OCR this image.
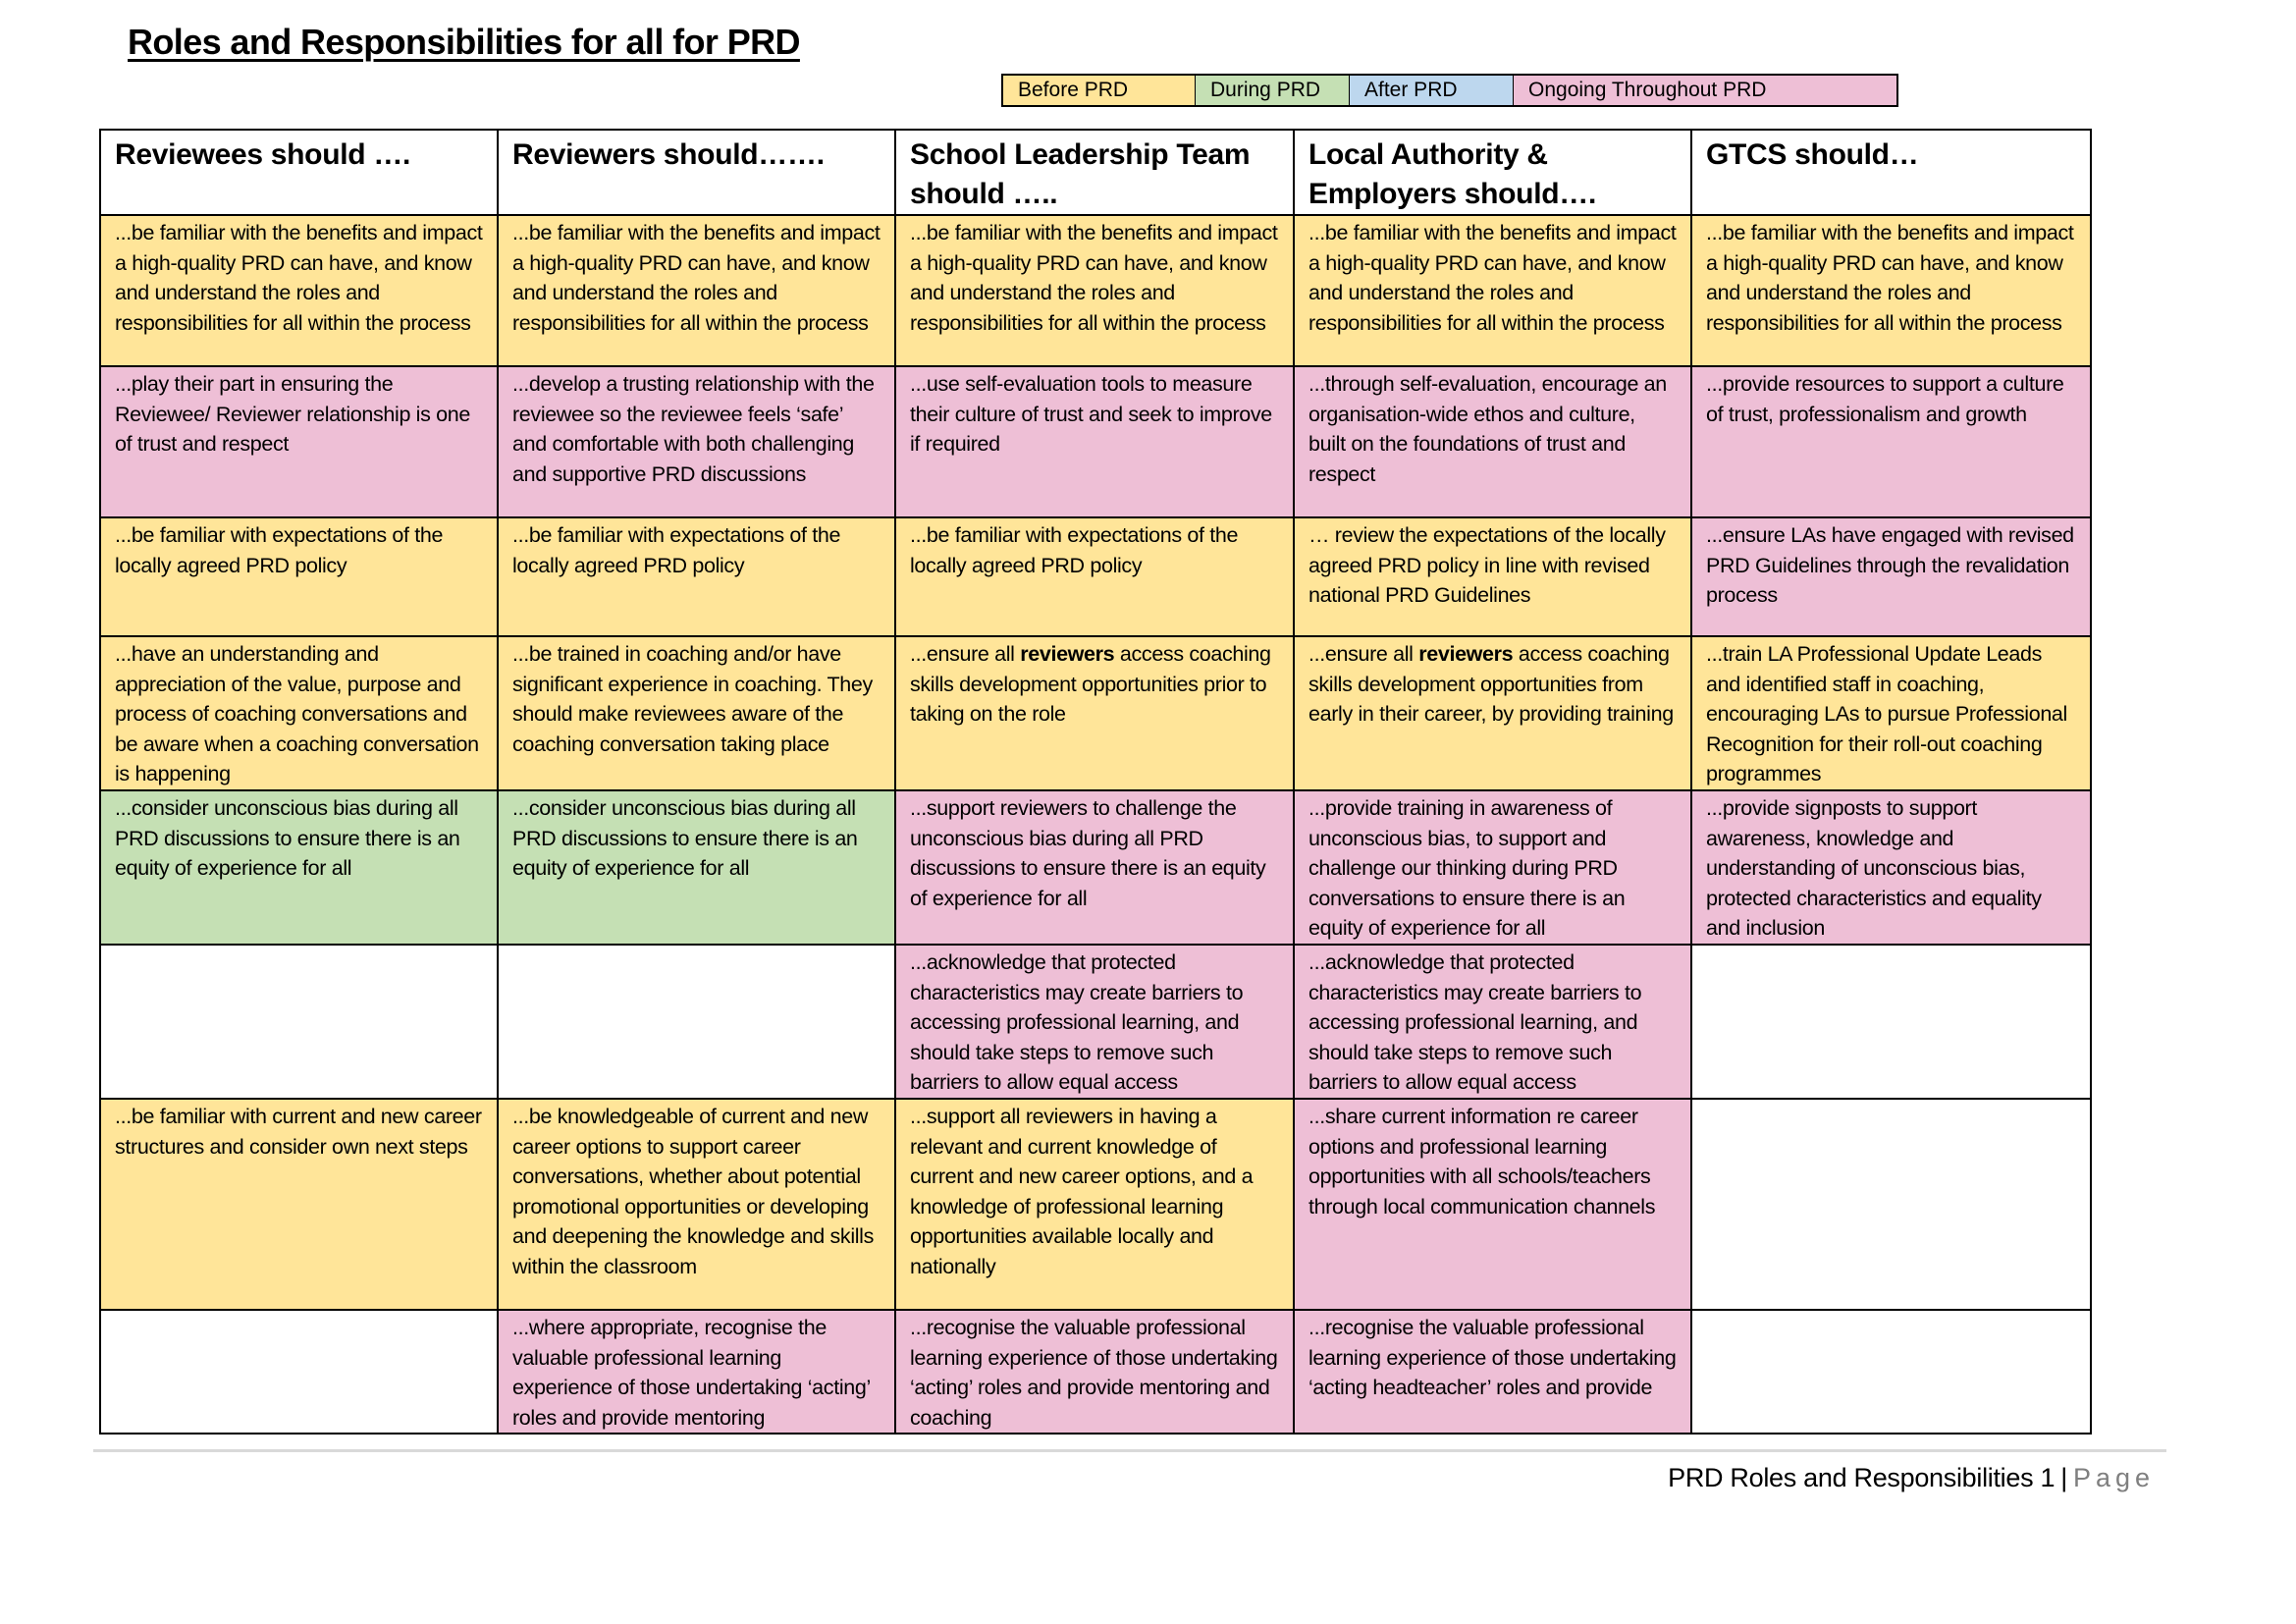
Roles and Responsibilities for all for PRD
Before PRD	During PRD	After PRD	Ongoing Throughout PRD
Reviewees should ….	Reviewers should…….	School Leadership Team should …..	Local Authority & Employers should….	GTCS should…
...be familiar with the benefits and impact a high-quality PRD can have, and know and understand the roles and responsibilities for all within the process	...be familiar with the benefits and impact a high-quality PRD can have, and know and understand the roles and responsibilities for all within the process	...be familiar with the benefits and impact a high-quality PRD can have, and know and understand the roles and responsibilities for all within the process	...be familiar with the benefits and impact a high-quality PRD can have, and know and understand the roles and responsibilities for all within the process	...be familiar with the benefits and impact a high-quality PRD can have, and know and understand the roles and responsibilities for all within the process
...play their part in ensuring the Reviewee/ Reviewer relationship is one of trust and respect	...develop a trusting relationship with the reviewee so the reviewee feels ‘safe’ and comfortable with both challenging and supportive PRD discussions	...use self-evaluation tools to measure their culture of trust and seek to improve if required	...through self-evaluation, encourage an organisation-wide ethos and culture, built on the foundations of trust and respect	...provide resources to support a culture of trust, professionalism and growth
...be familiar with expectations of the locally agreed PRD policy	...be familiar with expectations of the locally agreed PRD policy	...be familiar with expectations of the locally agreed PRD policy	… review the expectations of the locally agreed PRD policy in line with revised national PRD Guidelines	...ensure LAs have engaged with revised PRD Guidelines through the revalidation process
...have an understanding and appreciation of the value, purpose and process of coaching conversations and be aware when a coaching conversation is happening	...be trained in coaching and/or have significant experience in coaching. They should make reviewees aware of the coaching conversation taking place	...ensure all reviewers access coaching skills development opportunities prior to taking on the role	...ensure all reviewers access coaching skills development opportunities from early in their career, by providing training	...train LA Professional Update Leads and identified staff in coaching, encouraging LAs to pursue Professional Recognition for their roll-out coaching programmes
...consider unconscious bias during all PRD discussions to ensure there is an equity of experience for all	...consider unconscious bias during all PRD discussions to ensure there is an equity of experience for all	...support reviewers to challenge the unconscious bias during all PRD discussions to ensure there is an equity of experience for all	...provide training in awareness of unconscious bias, to support and challenge our thinking during PRD conversations to ensure there is an equity of experience for all	...provide signposts to support awareness, knowledge and understanding of unconscious bias, protected characteristics and equality and inclusion
		...acknowledge that protected characteristics may create barriers to accessing professional learning, and should take steps to remove such barriers to allow equal access	...acknowledge that protected characteristics may create barriers to accessing professional learning, and should take steps to remove such barriers to allow equal access	
...be familiar with current and new career structures and consider own next steps	...be knowledgeable of current and new career options to support career conversations, whether about potential promotional opportunities or developing and deepening the knowledge and skills within the classroom	...support all reviewers in having a relevant and current knowledge of current and new career options, and a knowledge of professional learning opportunities available locally and nationally	...share current information re career options and professional learning opportunities with all schools/teachers through local communication channels	
	...where appropriate, recognise the valuable professional learning experience of those undertaking ‘acting’ roles and provide mentoring	...recognise the valuable professional learning experience of those undertaking ‘acting’ roles and provide mentoring and coaching	...recognise the valuable professional learning experience of those undertaking ‘acting headteacher’ roles and provide	
PRD Roles and Responsibilities 1 | Page
